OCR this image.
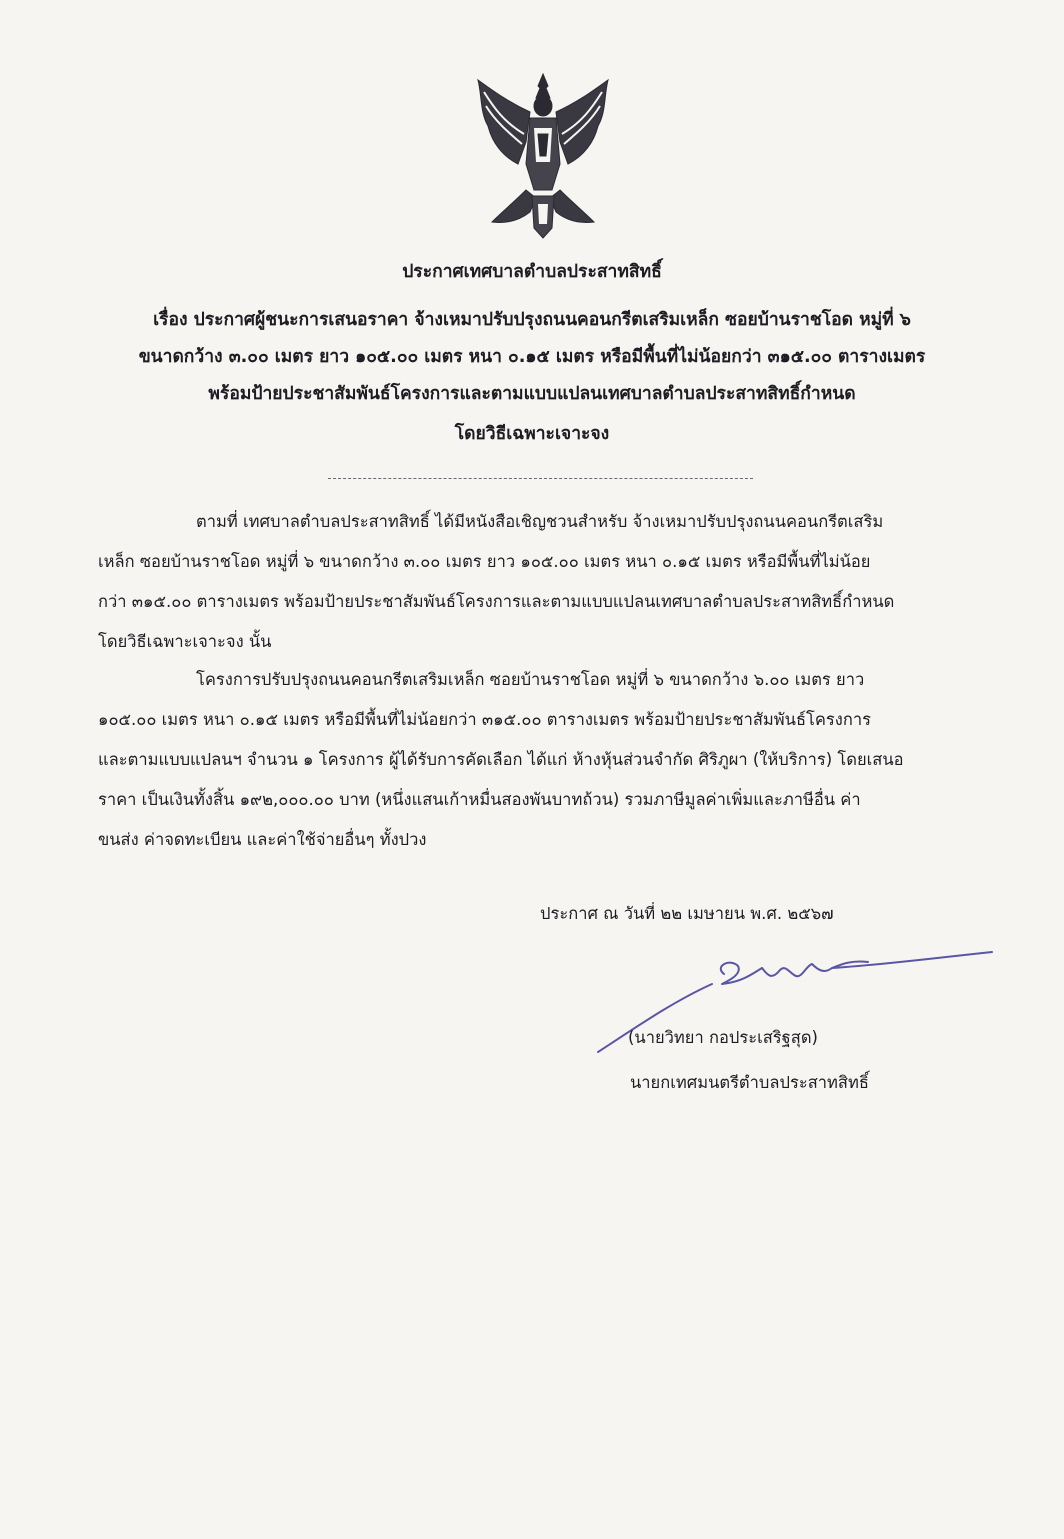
ประกาศเทศบาลตำบลประสาทสิทธิ์

เรื่อง ประกาศผู้ชนะการเสนอราคา จ้างเหมาปรับปรุงถนนคอนกรีตเสริมเหล็ก ซอยบ้านราชโอด หมู่ที่ ๖

ขนาดกว้าง ๓.๐๐ เมตร ยาว ๑๐๕.๐๐ เมตร หนา ๐.๑๕ เมตร หรือมีพื้นที่ไม่น้อยกว่า ๓๑๕.๐๐ ตารางเมตร

พร้อมป้ายประชาสัมพันธ์โครงการและตามแบบแปลนเทศบาลตำบลประสาทสิทธิ์กำหนด

โดยวิธีเฉพาะเจาะจง

ตามที่ เทศบาลตำบลประสาทสิทธิ์ ได้มีหนังสือเชิญชวนสำหรับ จ้างเหมาปรับปรุงถนนคอนกรีตเสริม
เหล็ก ซอยบ้านราชโอด หมู่ที่ ๖ ขนาดกว้าง ๓.๐๐ เมตร ยาว ๑๐๕.๐๐ เมตร หนา ๐.๑๕ เมตร หรือมีพื้นที่ไม่น้อย
กว่า ๓๑๕.๐๐ ตารางเมตร พร้อมป้ายประชาสัมพันธ์โครงการและตามแบบแปลนเทศบาลตำบลประสาทสิทธิ์กำหนด
โดยวิธีเฉพาะเจาะจง นั้น
โครงการปรับปรุงถนนคอนกรีตเสริมเหล็ก ซอยบ้านราชโอด หมู่ที่ ๖ ขนาดกว้าง ๖.๐๐ เมตร ยาว
๑๐๕.๐๐ เมตร หนา ๐.๑๕ เมตร หรือมีพื้นที่ไม่น้อยกว่า ๓๑๕.๐๐ ตารางเมตร พร้อมป้ายประชาสัมพันธ์โครงการ
และตามแบบแปลนฯ จำนวน ๑ โครงการ ผู้ได้รับการคัดเลือก ได้แก่ ห้างหุ้นส่วนจำกัด ศิริภูผา (ให้บริการ) โดยเสนอ
ราคา เป็นเงินทั้งสิ้น ๑๙๒,๐๐๐.๐๐ บาท (หนึ่งแสนเก้าหมื่นสองพันบาทถ้วน) รวมภาษีมูลค่าเพิ่มและภาษีอื่น ค่า
ขนส่ง ค่าจดทะเบียน และค่าใช้จ่ายอื่นๆ ทั้งปวง

ประกาศ ณ วันที่ ๒๒ เมษายน พ.ศ. ๒๕๖๗

(นายวิทยา กอประเสริฐสุด)

นายกเทศมนตรีตำบลประสาทสิทธิ์
